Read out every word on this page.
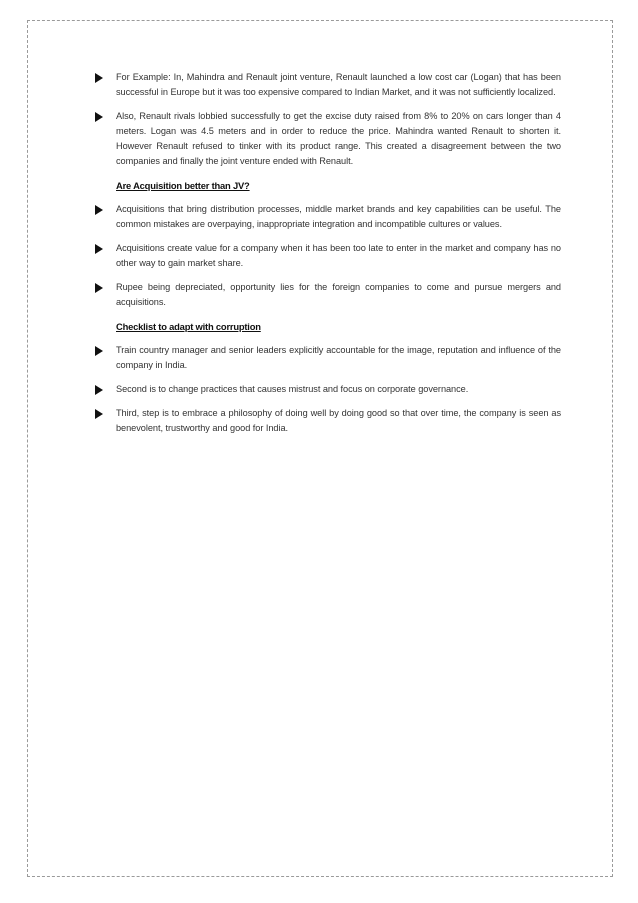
For Example: In, Mahindra and Renault joint venture, Renault launched a low cost car (Logan) that has been successful in Europe but it was too expensive compared to Indian Market, and it was not sufficiently localized.
Also, Renault rivals lobbied successfully to get the excise duty raised from 8% to 20% on cars longer than 4 meters. Logan was 4.5 meters and in order to reduce the price. Mahindra wanted Renault to shorten it. However Renault refused to tinker with its product range. This created a disagreement between the two companies and finally the joint venture ended with Renault.
Are Acquisition better than JV?
Acquisitions that bring distribution processes, middle market brands and key capabilities can be useful. The common mistakes are overpaying, inappropriate integration and incompatible cultures or values.
Acquisitions create value for a company when it has been too late to enter in the market and company has no other way to gain market share.
Rupee being depreciated, opportunity lies for the foreign companies to come and pursue mergers and acquisitions.
Checklist to adapt with corruption
Train country manager and senior leaders explicitly accountable for the image, reputation and influence of the company in India.
Second is to change practices that causes mistrust and focus on corporate governance.
Third, step is to embrace a philosophy of doing well by doing good so that over time, the company is seen as benevolent, trustworthy and good for India.
